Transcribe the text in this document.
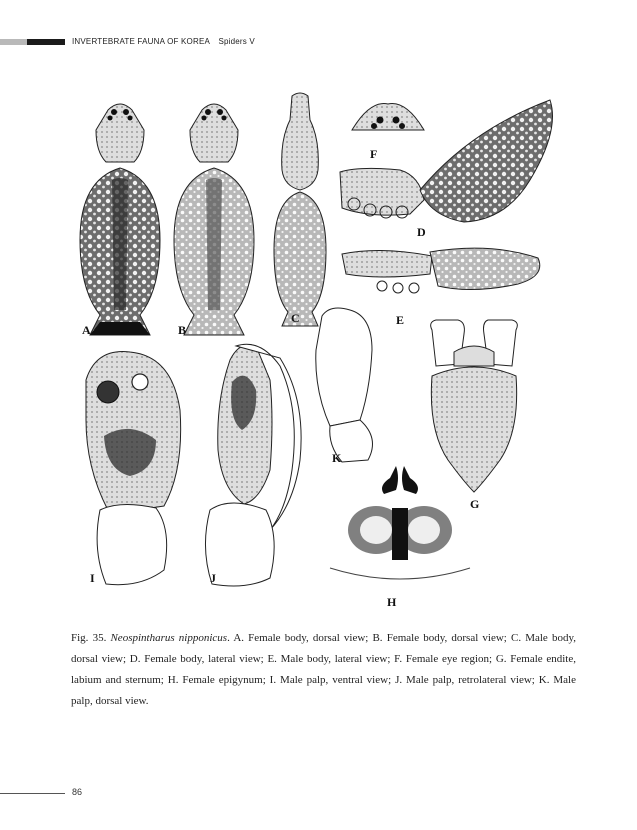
INVERTEBRATE FAUNA OF KOREA Spiders V
A	B
C
F
D
E
K
G
I	J
H
Fig. 35. Neospintharus nipponicus. A. Female body, dorsal view; B. Female body, dorsal view; C. Male body, dorsal view; D. Female body, lateral view; E. Male body, lateral view; F. Female eye region; G. Female endite, labium and sternum; H. Female epigynum; I. Male palp, ventral view; J. Male palp, retrolateral view; K. Male palp, dorsal view.
86
